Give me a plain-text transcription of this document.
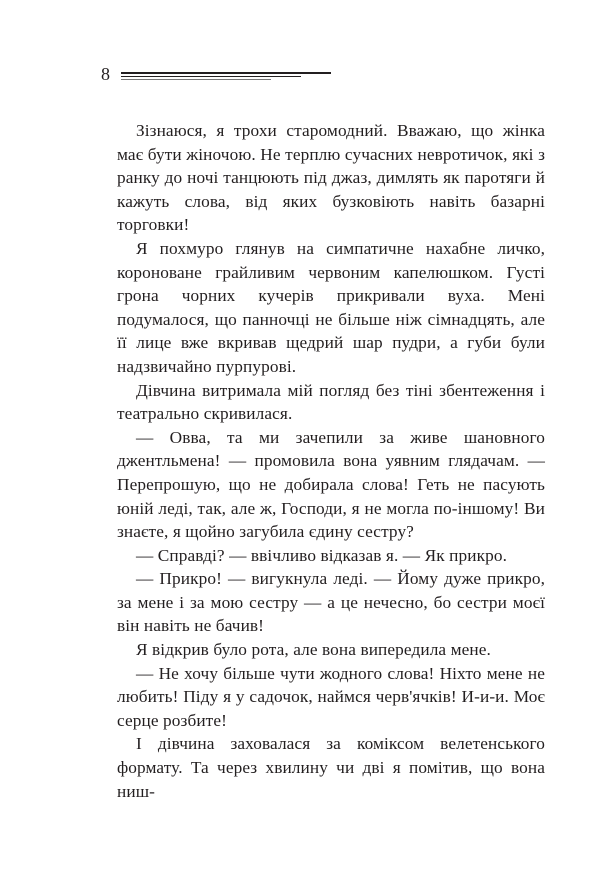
8

Зізнаюся, я трохи старомодний. Вважаю, що жінка має бути жіночою. Не терплю сучасних невротичок, які з ранку до ночі танцюють під джаз, димлять як паротяги й кажуть слова, від яких бузковіють навіть базарні торговки!

Я похмуро глянув на симпатичне нахабне личко, короноване грайливим червоним капелюшком. Густі грона чорних кучерів прикривали вуха. Мені подумалося, що панночці не більше ніж сімнадцять, але її лице вже вкривав щедрий шар пудри, а губи були надзвичайно пурпурові.

Дівчина витримала мій погляд без тіні збентеження і театрально скривилася.

— Овва, та ми зачепили за живе шановного джентльмена! — промовила вона уявним глядачам. — Перепрошую, що не добирала слова! Геть не пасують юній леді, так, але ж, Господи, я не могла по-іншому! Ви знаєте, я щойно загубила єдину сестру?

— Справді? — ввічливо відказав я. — Як прикро.

— Прикро! — вигукнула леді. — Йому дуже прикро, за мене і за мою сестру — а це нечесно, бо сестри моєї він навіть не бачив!

Я відкрив було рота, але вона випередила мене.

— Не хочу більше чути жодного слова! Ніхто мене не любить! Піду я у садочок, наймся черв'ячків! И-и-и. Моє серце розбите!

І дівчина заховалася за коміксом велетенського формату. Та через хвилину чи дві я помітив, що вона ниш-
